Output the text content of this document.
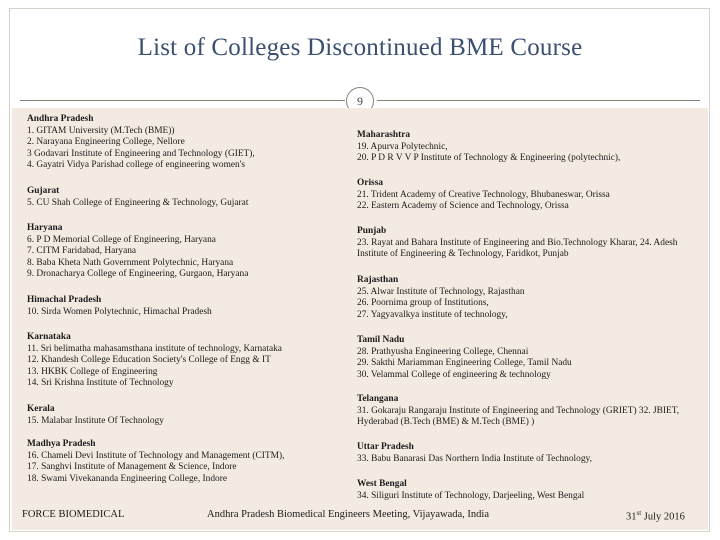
List of Colleges Discontinued BME Course
9
Andhra Pradesh
1. GITAM University (M.Tech (BME))
2. Narayana Engineering College, Nellore
3 Godavari Institute of Engineering and Technology (GIET),
4. Gayatri Vidya Parishad college of engineering women's
Gujarat
5. CU Shah College of Engineering & Technology, Gujarat
Haryana
6. P D Memorial College of Engineering, Haryana
7. CITM Faridabad, Haryana
8. Baba Kheta Nath Government Polytechnic, Haryana
9. Dronacharya College of Engineering, Gurgaon, Haryana
Himachal Pradesh
10. Sirda Women Polytechnic, Himachal Pradesh
Karnataka
11. Sri belimatha mahasamsthana institute of technology, Karnataka
12. Khandesh College Education Society's College of Engg & IT
13. HKBK College of Engineering
14. Sri Krishna Institute of Technology
Kerala
15. Malabar Institute Of Technology
Madhya Pradesh
16. Chameli Devi Institute of Technology and Management (CITM),
17. Sanghvi Institute of Management & Science, Indore
18. Swami Vivekananda Engineering College, Indore
Maharashtra
19. Apurva Polytechnic,
20. P D R V V P Institute of Technology & Engineering (polytechnic),
Orissa
21. Trident Academy of Creative Technology, Bhubaneswar, Orissa
22. Eastern Academy of Science and Technology, Orissa
Punjab
23. Rayat and Bahara Institute of Engineering and Bio.Technology Kharar, 24. Adesh Institute of Engineering & Technology, Faridkot, Punjab
Rajasthan
25. Alwar Institute of Technology, Rajasthan
26. Poornima group of Institutions,
27. Yagyavalkya institute of technology,
Tamil Nadu
28. Prathyusha Engineering College, Chennai
29. Sakthi Mariamman Engineering College, Tamil Nadu
30. Velammal College of engineering & technology
Telangana
31. Gokaraju Rangaraju Institute of Engineering and Technology (GRIET) 32. JBIET, Hyderabad (B.Tech (BME) & M.Tech (BME) )
Uttar Pradesh
33. Babu Banarasi Das Northern India Institute of Technology,
West Bengal
34. Siliguri Institute of Technology, Darjeeling, West Bengal
FORCE BIOMEDICAL	Andhra Pradesh Biomedical Engineers Meeting, Vijayawada, India	31st July 2016
